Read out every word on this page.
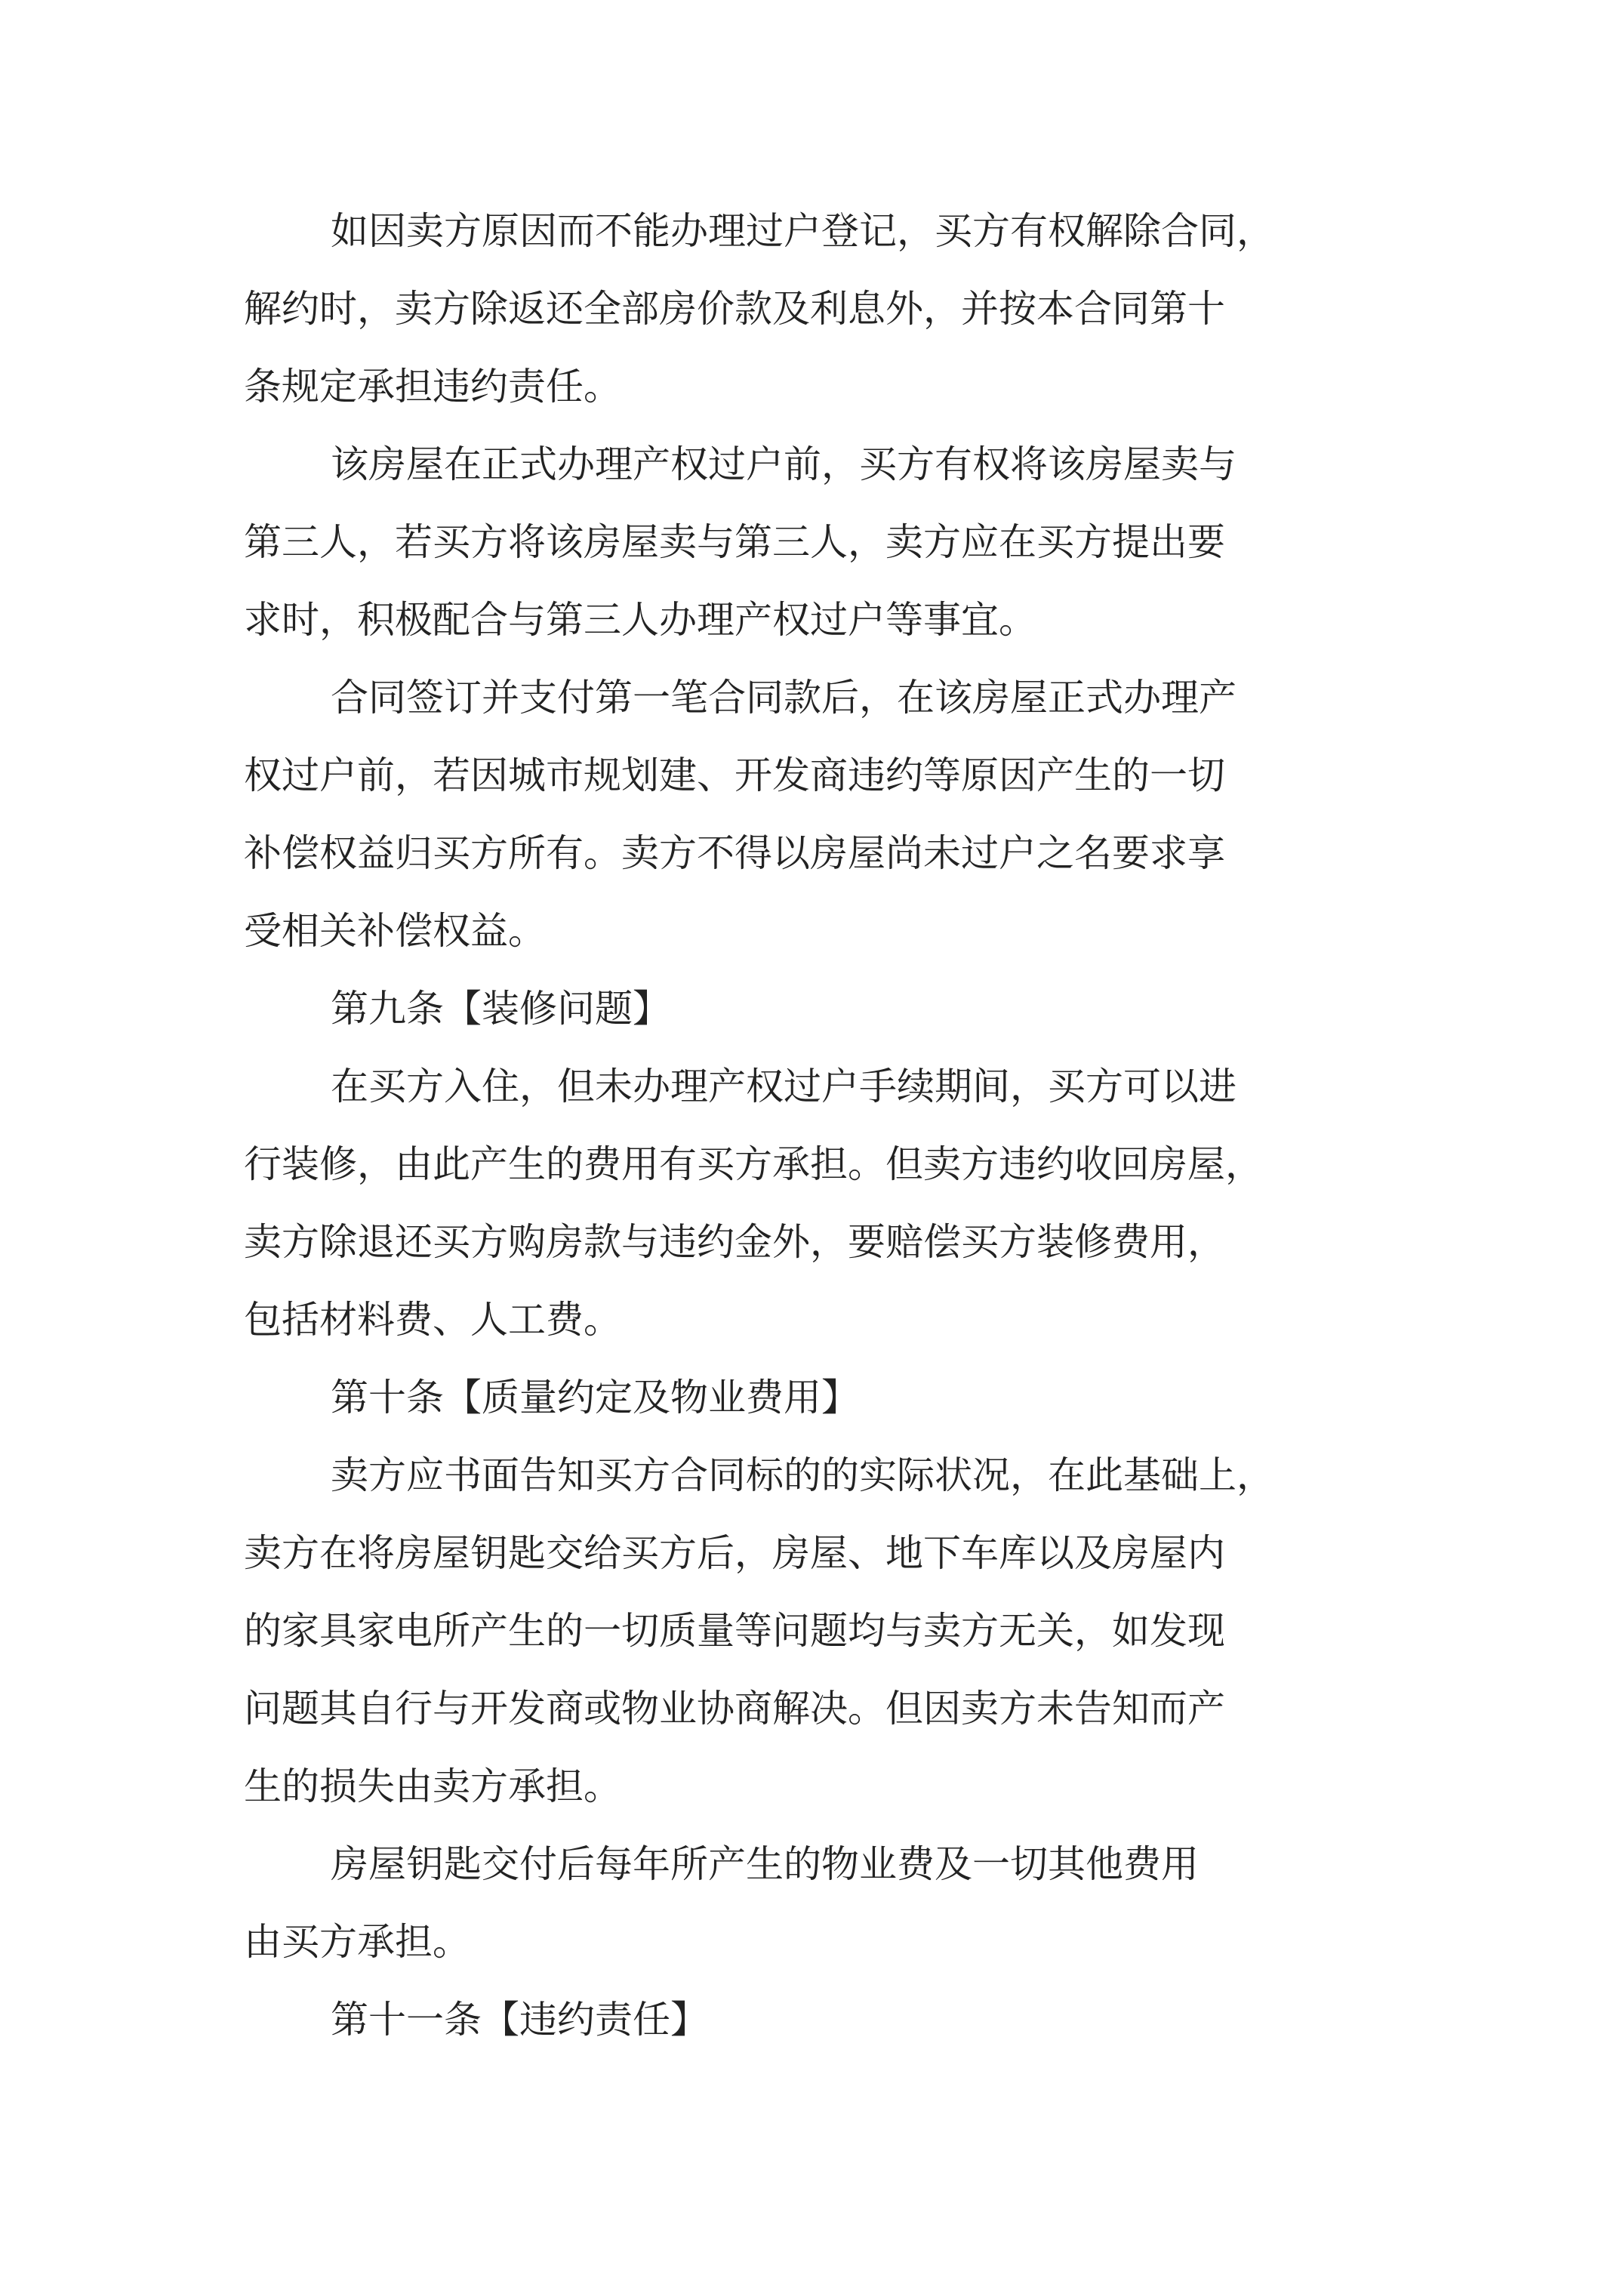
如因卖方原因而不能办理过户登记，买方有权解除合同，
解约时，卖方除返还全部房价款及利息外，并按本合同第十
条规定承担违约责任。
该房屋在正式办理产权过户前，买方有权将该房屋卖与
第三人，若买方将该房屋卖与第三人，卖方应在买方提出要
求时，积极配合与第三人办理产权过户等事宜。
合同签订并支付第一笔合同款后，在该房屋正式办理产
权过户前，若因城市规划建、开发商违约等原因产生的一切
补偿权益归买方所有。卖方不得以房屋尚未过户之名要求享
受相关补偿权益。
第九条【装修问题】
在买方入住，但未办理产权过户手续期间，买方可以进
行装修，由此产生的费用有买方承担。但卖方违约收回房屋，
卖方除退还买方购房款与违约金外，要赔偿买方装修费用，
包括材料费、人工费。
第十条【质量约定及物业费用】
卖方应书面告知买方合同标的的实际状况，在此基础上，
卖方在将房屋钥匙交给买方后，房屋、地下车库以及房屋内
的家具家电所产生的一切质量等问题均与卖方无关，如发现
问题其自行与开发商或物业协商解决。但因卖方未告知而产
生的损失由卖方承担。
房屋钥匙交付后每年所产生的物业费及一切其他费用
由买方承担。
第十一条【违约责任】
